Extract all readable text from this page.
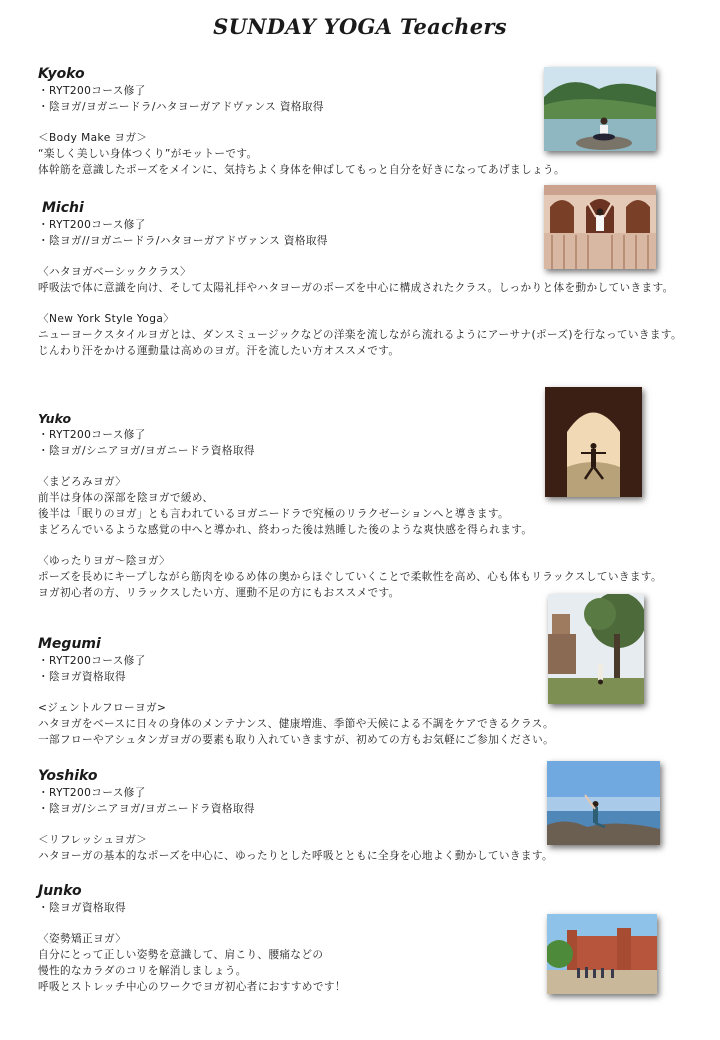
SUNDAY YOGA Teachers
Kyoko
・RYT200コース修了
・陰ヨガ/ヨガニードラ/ハタヨーガアドヴァンス 資格取得
＜Body Make ヨガ＞
“楽しく美しい身体つくり”がモットーです。
体幹筋を意識したポーズをメインに、気持ちよく身体を伸ばしてもっと自分を好きになってあげましょう。
Michi
・RYT200コース修了
・陰ヨガ//ヨガニードラ/ハタヨーガアドヴァンス 資格取得
〈ハタヨガベーシッククラス〉
呼吸法で体に意識を向け、そして太陽礼拝やハタヨーガのポーズを中心に構成されたクラス。しっかりと体を動かしていきます。
〈New York Style Yoga〉
ニューヨークスタイルヨガとは、ダンスミュージックなどの洋楽を流しながら流れるようにアーサナ(ポーズ)を行なっていきます。
じんわり汗をかける運動量は高めのヨガ。汗を流したい方オススメです。
Yuko
・RYT200コース修了
・陰ヨガ/シニアヨガ/ヨガニードラ資格取得
〈まどろみヨガ〉
前半は身体の深部を陰ヨガで緩め、
後半は「眠りのヨガ」とも言われているヨガニードラで究極のリラクゼーションへと導きます。
まどろんでいるような感覚の中へと導かれ、終わった後は熟睡した後のような爽快感を得られます。
〈ゆったりヨガ〜陰ヨガ〉
ポーズを長めにキープしながら筋肉をゆるめ体の奥からほぐしていくことで柔軟性を高め、心も体もリラックスしていきます。
ヨガ初心者の方、リラックスしたい方、運動不足の方にもおススメです。
Megumi
・RYT200コース修了
・陰ヨガ資格取得
<ジェントルフローヨガ>
ハタヨガをベースに日々の身体のメンテナンス、健康増進、季節や天候による不調をケアできるクラス。
一部フローやアシュタンガヨガの要素も取り入れていきますが、初めての方もお気軽にご参加ください。
Yoshiko
・RYT200コース修了
・陰ヨガ/シニアヨガ/ヨガニードラ資格取得
＜リフレッシュヨガ＞
ハタヨーガの基本的なポーズを中心に、ゆったりとした呼吸とともに全身を心地よく動かしていきます。
Junko
・陰ヨガ資格取得
〈姿勢矯正ヨガ〉
自分にとって正しい姿勢を意識して、肩こり、腰痛などの
慢性的なカラダのコリを解消しましょう。
呼吸とストレッチ中心のワークでヨガ初心者におすすめです！
